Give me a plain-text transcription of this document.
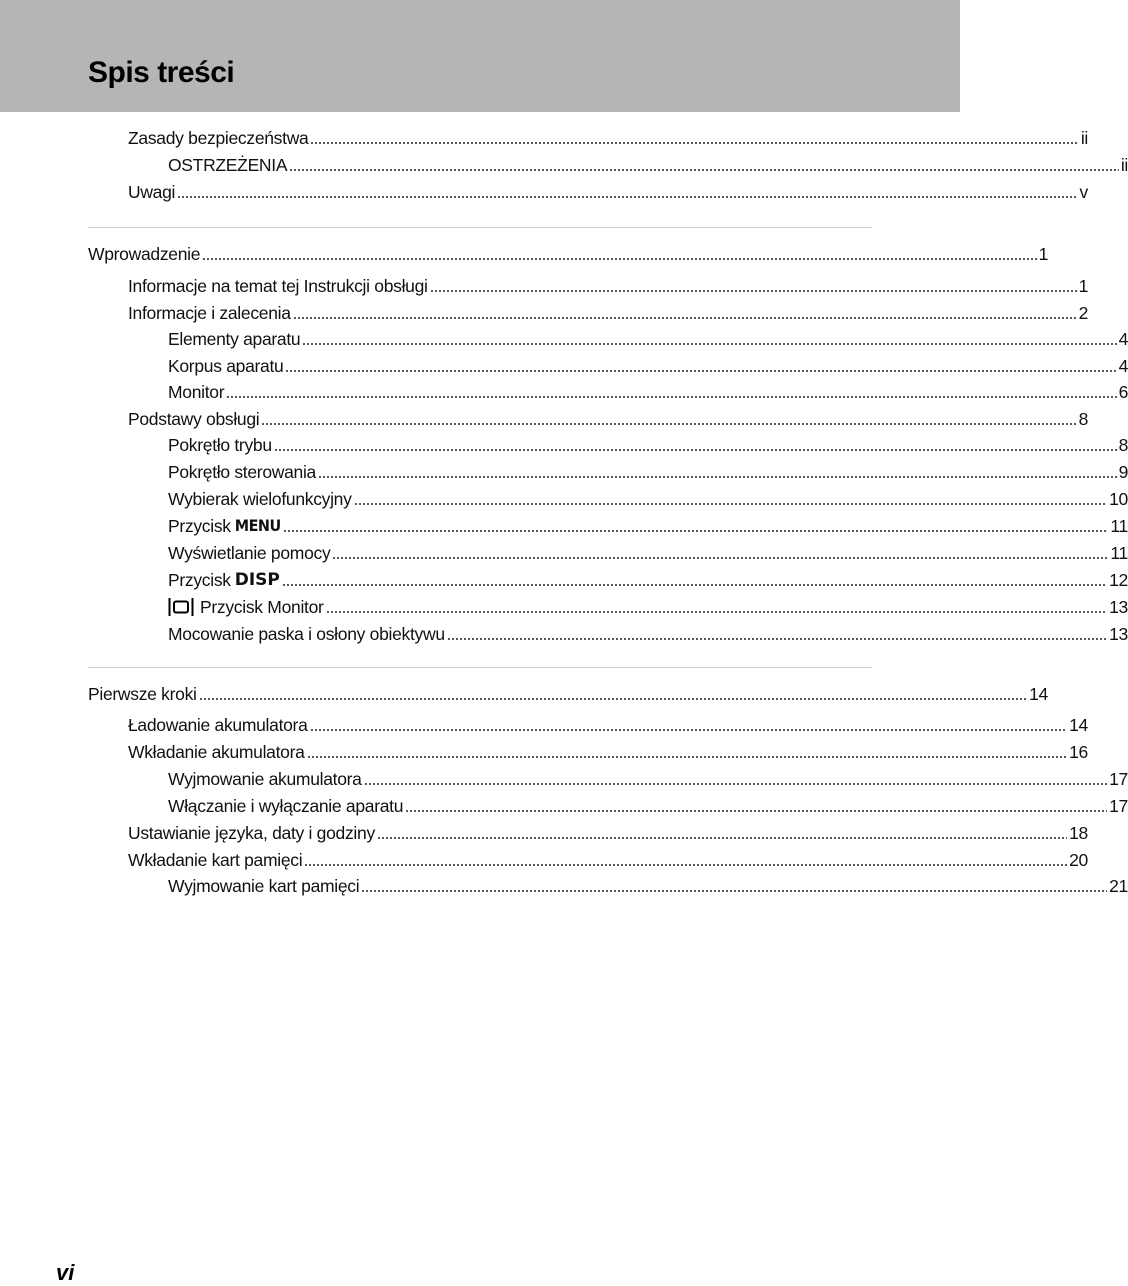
Spis treści
Zasady bezpieczeństwa	ii
OSTRZEŻENIA	ii
Uwagi	v
Wprowadzenie	1
Informacje na temat tej Instrukcji obsługi	1
Informacje i zalecenia	2
Elementy aparatu	4
Korpus aparatu	4
Monitor	6
Podstawy obsługi	8
Pokrętło trybu	8
Pokrętło sterowania	9
Wybierak wielofunkcyjny	10
Przycisk MENU	11
Wyświetlanie pomocy	11
Przycisk DISP	12
Przycisk Monitor	13
Mocowanie paska i osłony obiektywu	13
Pierwsze kroki	14
Ładowanie akumulatora	14
Wkładanie akumulatora	16
Wyjmowanie akumulatora	17
Włączanie i wyłączanie aparatu	17
Ustawianie języka, daty i godziny	18
Wkładanie kart pamięci	20
Wyjmowanie kart pamięci	21
vi
